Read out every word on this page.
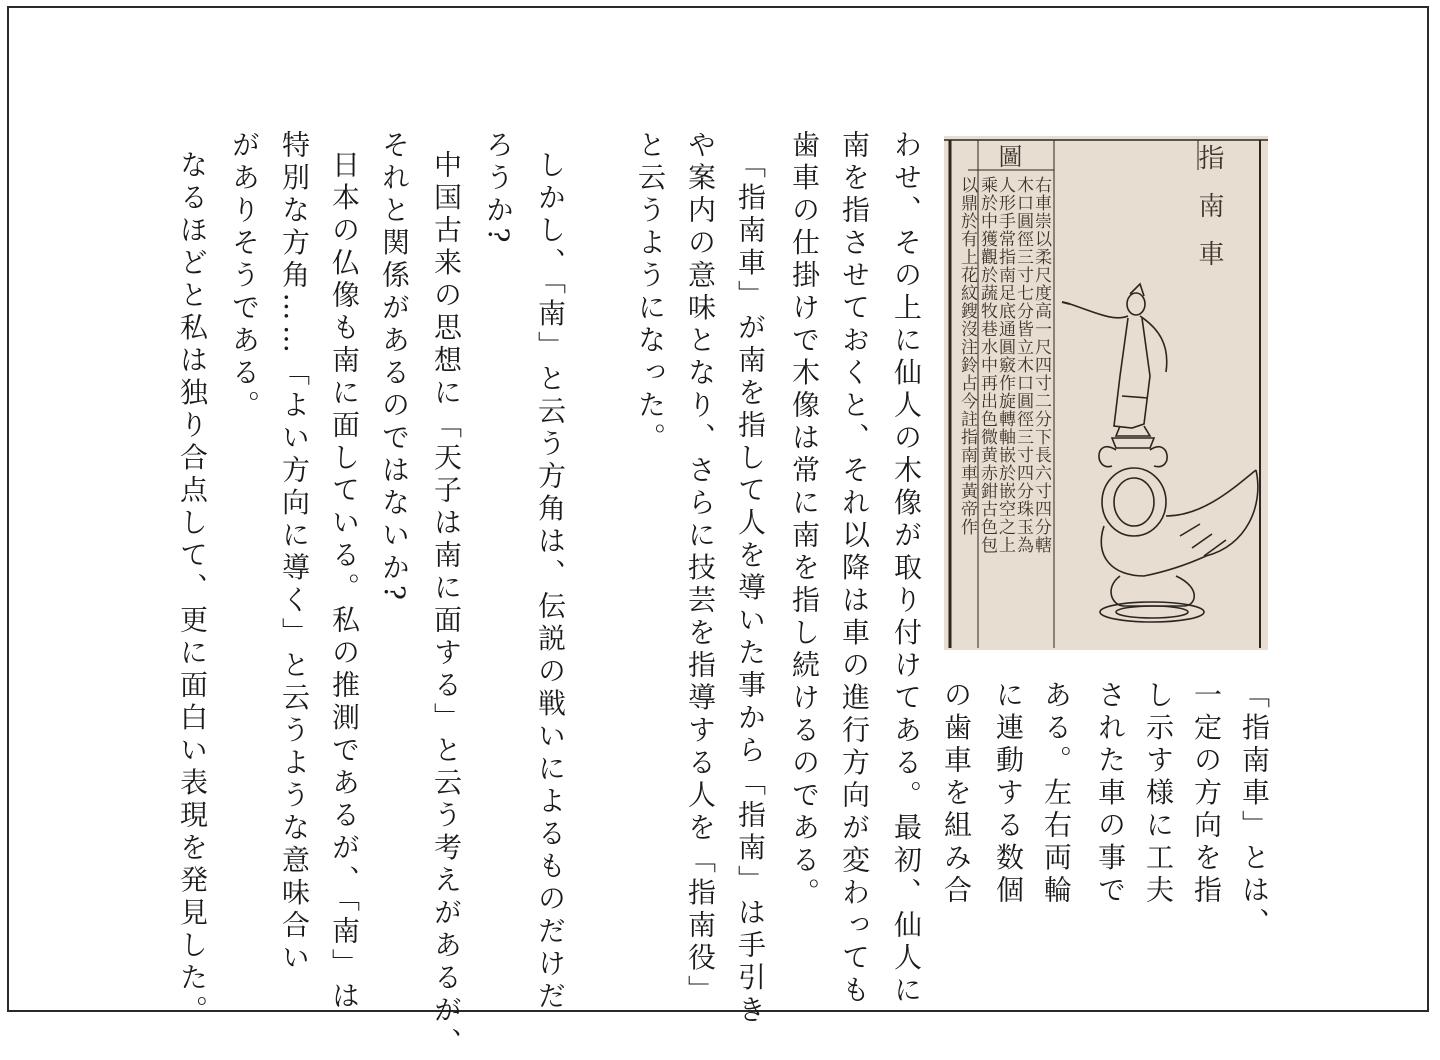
「指南車」とは、
一定の方向を指
し示す様に工夫
された車の事で
ある。左右両輪
に連動する数個
の歯車を組み合
指南車
圖
右車崇以柔尺度高一尺四寸二分下長六寸四分轄
木口圓徑三寸七分皆立木口圓徑三寸四分珠玉為
人形手常指南足底通圓竅作旋轉軸嵌於嵌空之上
乘於中獲觀於蔬牧巷水中再出色微黄赤鉗古色包
以鼎於有上花紋鎪沒注鈴占今註指南車黃帝作
わせ、その上に仙人の木像が取り付けてある。最初、仙人に
南を指させておくと、それ以降は車の進行方向が変わっても
歯車の仕掛けで木像は常に南を指し続けるのである。
「指南車」が南を指して人を導いた事から「指南」は手引き
や案内の意味となり、さらに技芸を指導する人を「指南役」
と云うようになった。
しかし、「南」と云う方角は、伝説の戦いによるものだけだ
ろうか?
中国古来の思想に「天子は南に面する」と云う考えがあるが、
それと関係があるのではないか?
日本の仏像も南に面している。私の推測であるが、「南」は
特別な方角……「よい方向に導く」と云うような意味合い
がありそうである。
なるほどと私は独り合点して、更に面白い表現を発見した。
